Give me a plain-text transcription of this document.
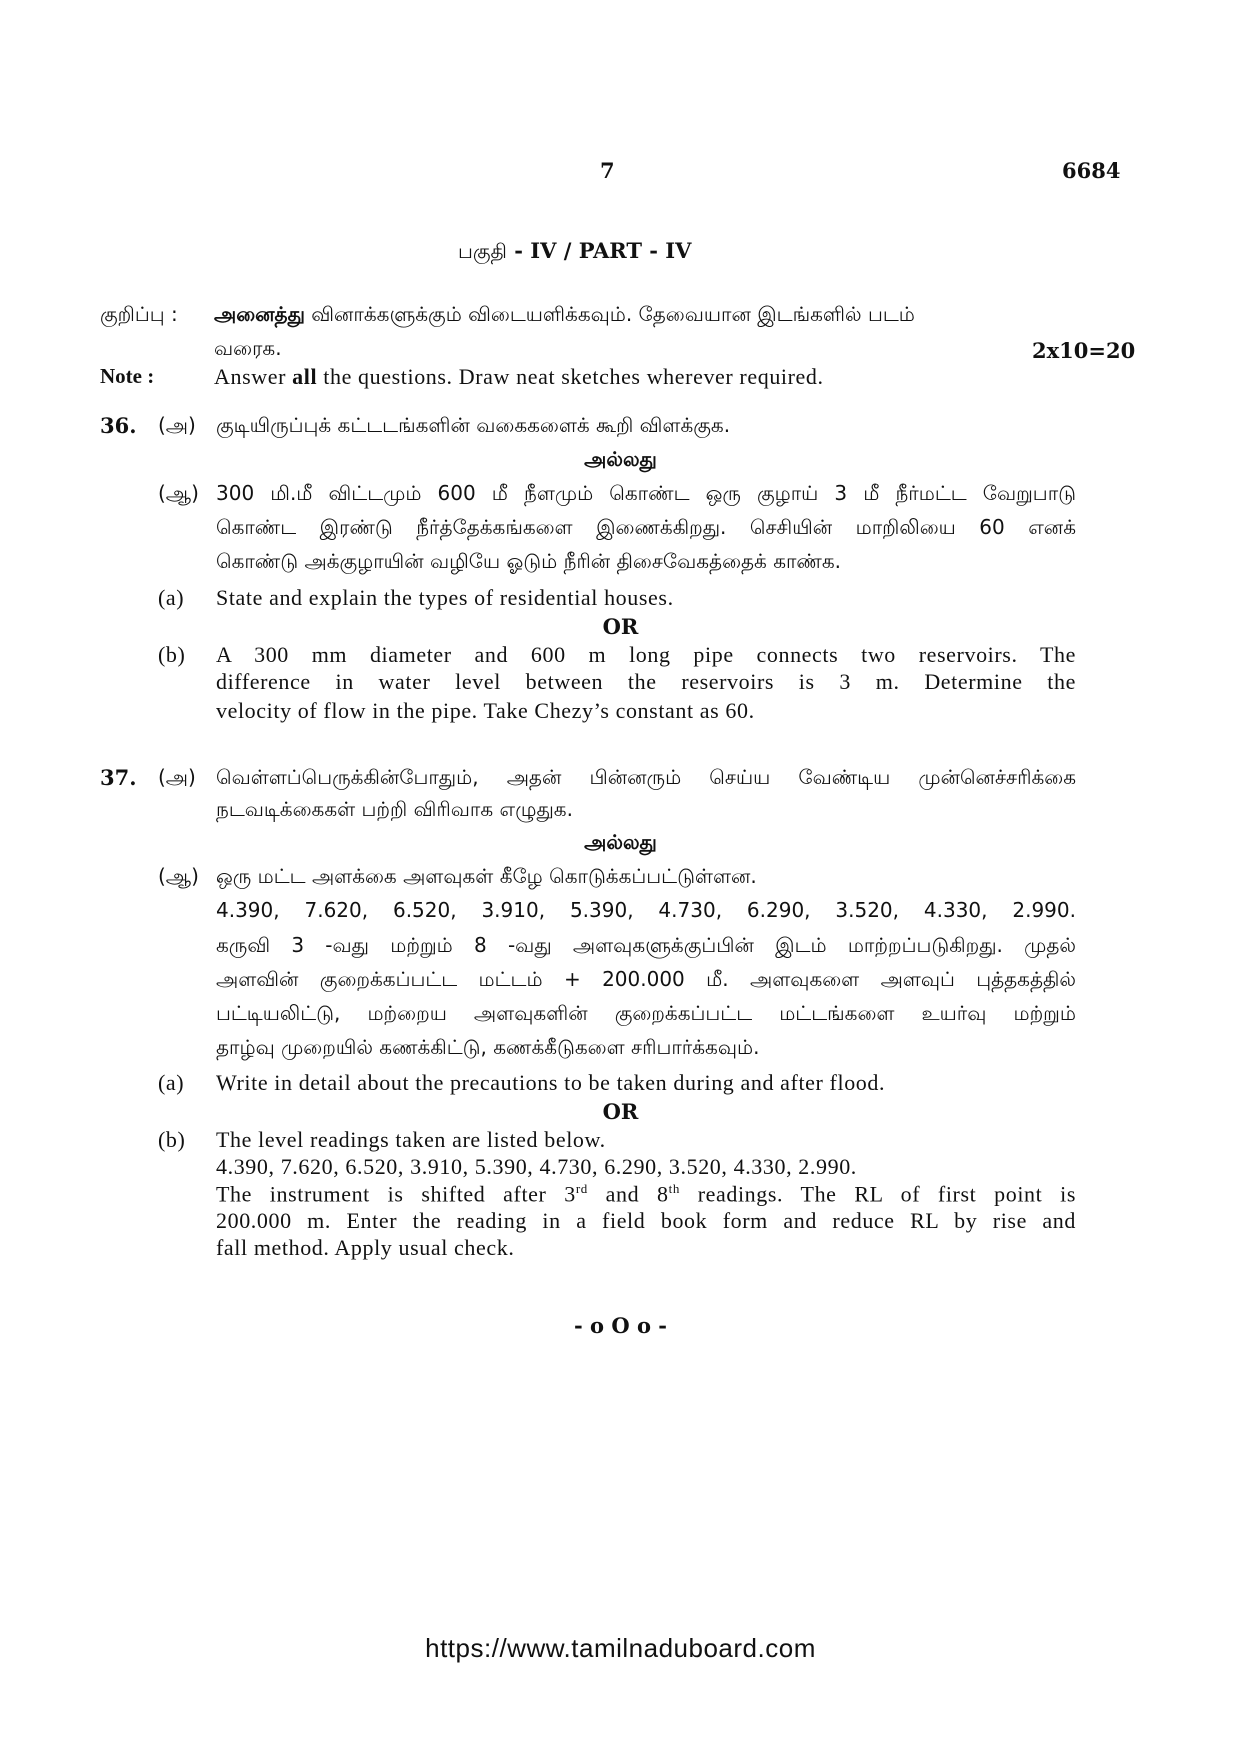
7	6684
பகுதி - IV / PART - IV
குறிப்பு : அனைத்து வினாக்களுக்கும் விடையளிக்கவும். தேவையான இடங்களில் படம்
வரைக.	2x10=20
Note :	Answer all the questions. Draw neat sketches wherever required.
36. (அ) குடியிருப்புக் கட்டடங்களின் வகைகளைக் கூறி விளக்குக.
அல்லது
(ஆ) 300 மி.மீ விட்டமும் 600 மீ நீளமும் கொண்ட ஒரு குழாய் 3 மீ நீர்மட்ட வேறுபாடு
கொண்ட இரண்டு நீர்த்தேக்கங்களை இணைக்கிறது. செசியின் மாறிலியை 60 எனக்
கொண்டு அக்குழாயின் வழியே ஓடும் நீரின் திசைவேகத்தைக் காண்க.
(a) State and explain the types of residential houses.
OR
(b) A 300 mm diameter and 600 m long pipe connects two reservoirs. The
difference in water level between the reservoirs is 3 m. Determine the
velocity of flow in the pipe. Take Chezy’s constant as 60.
37. (அ) வெள்ளப்பெருக்கின்போதும், அதன் பின்னரும் செய்ய வேண்டிய முன்னெச்சரிக்கை
நடவடிக்கைகள் பற்றி விரிவாக எழுதுக.
அல்லது
(ஆ) ஒரு மட்ட அளக்கை அளவுகள் கீழே கொடுக்கப்பட்டுள்ளன.
4.390, 7.620, 6.520, 3.910, 5.390, 4.730, 6.290, 3.520, 4.330, 2.990.
கருவி 3 -வது மற்றும் 8 -வது அளவுகளுக்குப்பின் இடம் மாற்றப்படுகிறது. முதல்
அளவின் குறைக்கப்பட்ட மட்டம் + 200.000 மீ. அளவுகளை அளவுப் புத்தகத்தில்
பட்டியலிட்டு, மற்றைய அளவுகளின் குறைக்கப்பட்ட மட்டங்களை உயர்வு மற்றும்
தாழ்வு முறையில் கணக்கிட்டு, கணக்கீடுகளை சரிபார்க்கவும்.
(a) Write in detail about the precautions to be taken during and after flood.
OR
(b) The level readings taken are listed below.
4.390, 7.620, 6.520, 3.910, 5.390, 4.730, 6.290, 3.520, 4.330, 2.990.
The instrument is shifted after 3rd and 8th readings. The RL of first point is
200.000 m. Enter the reading in a field book form and reduce RL by rise and
fall method. Apply usual check.
- o O o -
https://www.tamilnaduboard.com
